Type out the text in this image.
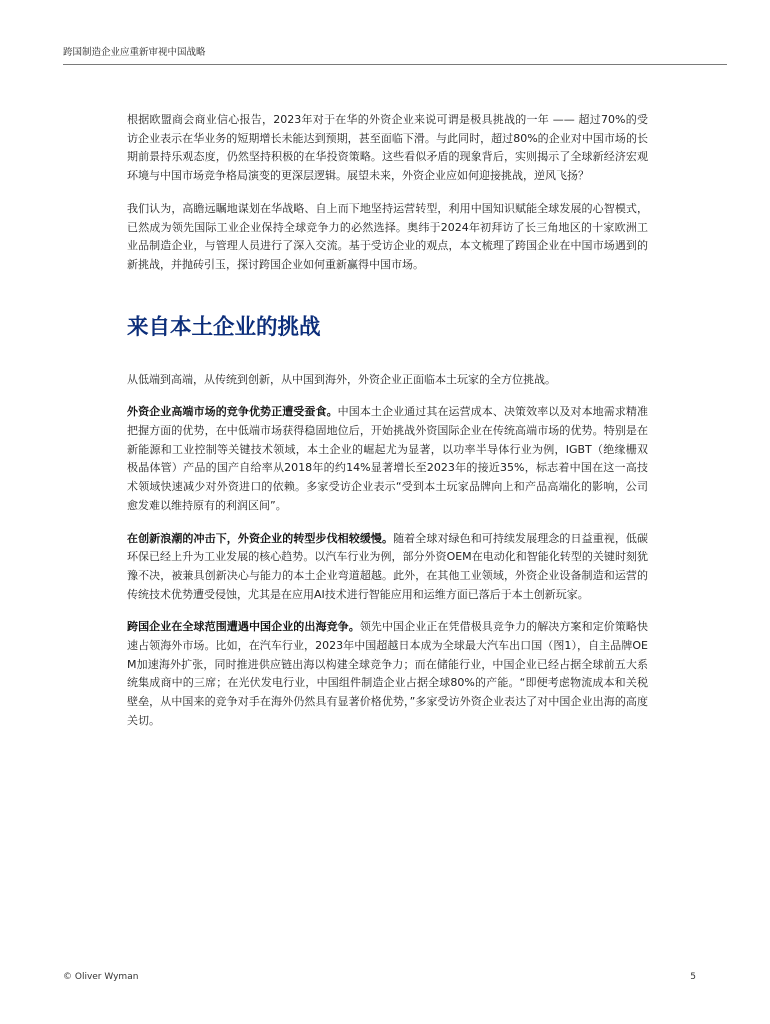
跨国制造企业应重新审视中国战略

根据欧盟商会商业信心报告，2023年对于在华的外资企业来说可谓是极具挑战的一年 —— 超过70%的受访企业表示在华业务的短期增长未能达到预期，甚至面临下滑。与此同时，超过80%的企业对中国市场的长期前景持乐观态度，仍然坚持积极的在华投资策略。这些看似矛盾的现象背后，实则揭示了全球新经济宏观环境与中国市场竞争格局演变的更深层逻辑。展望未来，外资企业应如何迎接挑战，逆风飞扬？

我们认为，高瞻远瞩地谋划在华战略、自上而下地坚持运营转型，利用中国知识赋能全球发展的心智模式，已然成为领先国际工业企业保持全球竞争力的必然选择。奥纬于2024年初拜访了长三角地区的十家欧洲工业品制造企业，与管理人员进行了深入交流。基于受访企业的观点，本文梳理了跨国企业在中国市场遇到的新挑战，并抛砖引玉，探讨跨国企业如何重新赢得中国市场。

来自本土企业的挑战

从低端到高端，从传统到创新，从中国到海外，外资企业正面临本土玩家的全方位挑战。

外资企业高端市场的竞争优势正遭受蚕食。中国本土企业通过其在运营成本、决策效率以及对本地需求精准把握方面的优势，在中低端市场获得稳固地位后，开始挑战外资国际企业在传统高端市场的优势。特别是在新能源和工业控制等关键技术领域，本土企业的崛起尤为显著，以功率半导体行业为例，IGBT（绝缘栅双极晶体管）产品的国产自给率从2018年的约14%显著增长至2023年的接近35%，标志着中国在这一高技术领域快速减少对外资进口的依赖。多家受访企业表示“受到本土玩家品牌向上和产品高端化的影响，公司愈发难以维持原有的利润区间”。

在创新浪潮的冲击下，外资企业的转型步伐相较缓慢。随着全球对绿色和可持续发展理念的日益重视，低碳环保已经上升为工业发展的核心趋势。以汽车行业为例，部分外资OEM在电动化和智能化转型的关键时刻犹豫不决，被兼具创新决心与能力的本土企业弯道超越。此外，在其他工业领域，外资企业设备制造和运营的传统技术优势遭受侵蚀，尤其是在应用AI技术进行智能应用和运维方面已落后于本土创新玩家。

跨国企业在全球范围遭遇中国企业的出海竞争。领先中国企业正在凭借极具竞争力的解决方案和定价策略快速占领海外市场。比如，在汽车行业，2023年中国超越日本成为全球最大汽车出口国（图1），自主品牌OEM加速海外扩张，同时推进供应链出海以构建全球竞争力；而在储能行业，中国企业已经占据全球前五大系统集成商中的三席；在光伏发电行业，中国组件制造企业占据全球80%的产能。“即便考虑物流成本和关税壁垒，从中国来的竞争对手在海外仍然具有显著价格优势，”多家受访外资企业表达了对中国企业出海的高度关切。

© Oliver Wyman	5
